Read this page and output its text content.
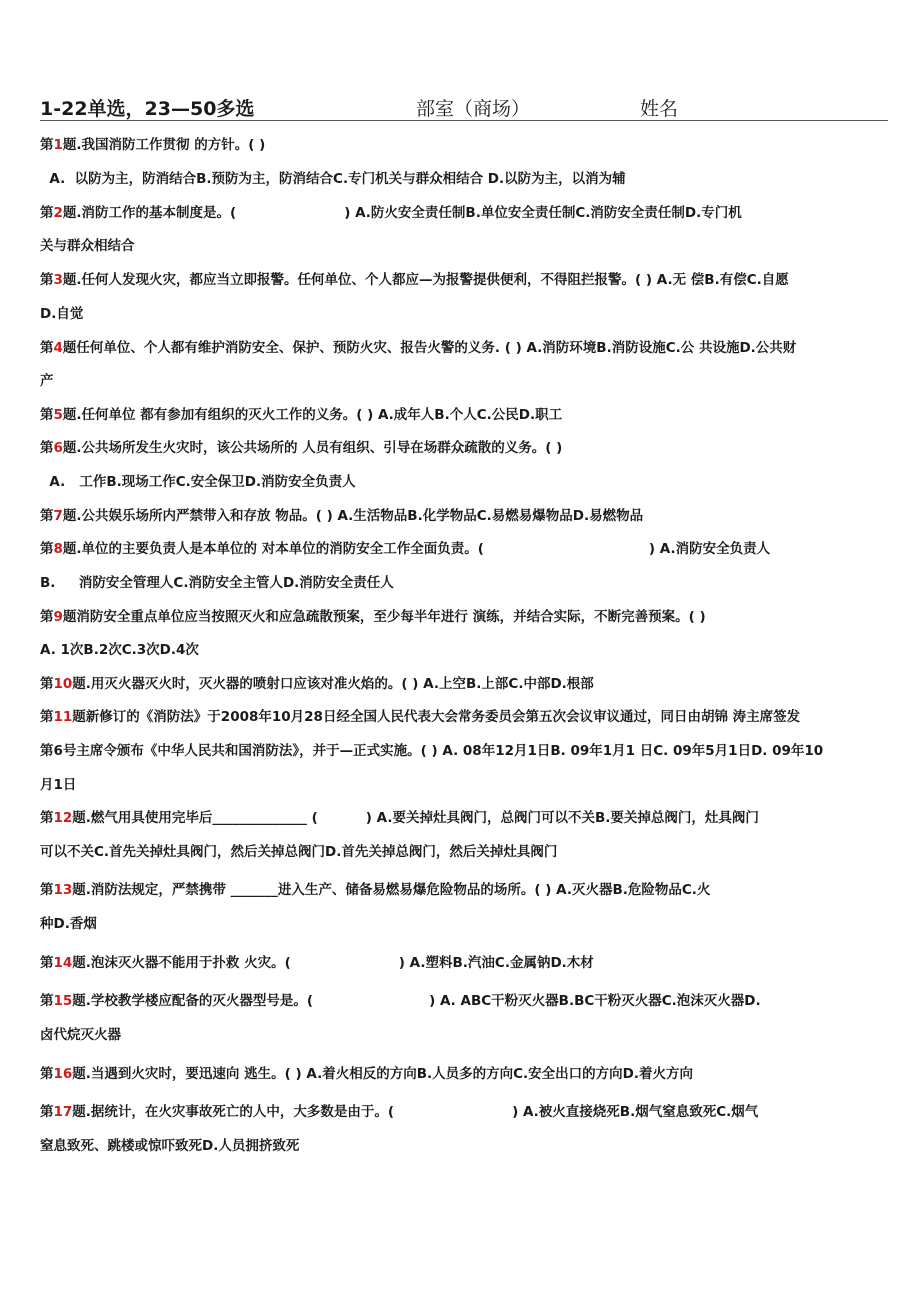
1-22单选，23—50多选	部室（商场）	姓名
第1题.我国消防工作贯彻 的方针。( )
A.  以防为主，防消结合B.预防为主，防消结合C.专门机关与群众相结合 D.以防为主，以消为辅
第2题.消防工作的基本制度是。(	) A.防火安全责任制B.单位安全责任制C.消防安全责任制D.专门机
关与群众相结合
第3题.任何人发现火灾，都应当立即报警。任何单位、个人都应—为报警提供便利，不得阻拦报警。( ) A.无 偿B.有偿C.自愿
D.自觉
第4题任何单位、个人都有维护消防安全、保护、预防火灾、报告火警的义务. ( ) A.消防环境B.消防设施C.公 共设施D.公共财
产
第5题.任何单位 都有参加有组织的灭火工作的义务。( ) A.成年人B.个人C.公民D.职工
第6题.公共场所发生火灾时，该公共场所的 人员有组织、引导在场群众疏散的义务。( )
A.   工作B.现场工作C.安全保卫D.消防安全负责人
第7题.公共娱乐场所内严禁带入和存放 物品。( ) A.生活物品B.化学物品C.易燃易爆物品D.易燃物品
第8题.单位的主要负责人是本单位的 对本单位的消防安全工作全面负责。(	) A.消防安全负责人
B.     消防安全管理人C.消防安全主管人D.消防安全责任人
第9题消防安全重点单位应当按照灭火和应急疏散预案，至少每半年进行 演练，并结合实际，不断完善预案。( )
A. 1次B.2次C.3次D.4次
第10题.用灭火器灭火时，灭火器的喷射口应该对准火焰的。( ) A.上空B.上部C.中部D.根部
第11题新修订的《消防法》于2008年10月28日经全国人民代表大会常务委员会第五次会议审议通过，同日由胡锦 涛主席签发
第6号主席令颁布《中华人民共和国消防法》，并于—正式实施。( ) A. 08年12月1日B. 09年1月1 日C. 09年5月1日D. 09年10
月1日
第12题.燃气用具使用完毕后______________ (	) A.要关掉灶具阀门，总阀门可以不关B.要关掉总阀门，灶具阀门
可以不关C.首先关掉灶具阀门，然后关掉总阀门D.首先关掉总阀门，然后关掉灶具阀门
第13题.消防法规定，严禁携带 _______进入生产、储备易燃易爆危险物品的场所。( ) A.灭火器B.危险物品C.火
种D.香烟
第14题.泡沫灭火器不能用于扑救 火灾。(	) A.塑料B.汽油C.金属钠D.木材
第15题.学校教学楼应配备的灭火器型号是。(	) A. ABC干粉灭火器B.BC干粉灭火器C.泡沫灭火器D.
卤代烷灭火器
第16题.当遇到火灾时，要迅速向 逃生。( ) A.着火相反的方向B.人员多的方向C.安全出口的方向D.着火方向
第17题.据统计，在火灾事故死亡的人中，大多数是由于。(	) A.被火直接烧死B.烟气窒息致死C.烟气
窒息致死、跳楼或惊吓致死D.人员拥挤致死
